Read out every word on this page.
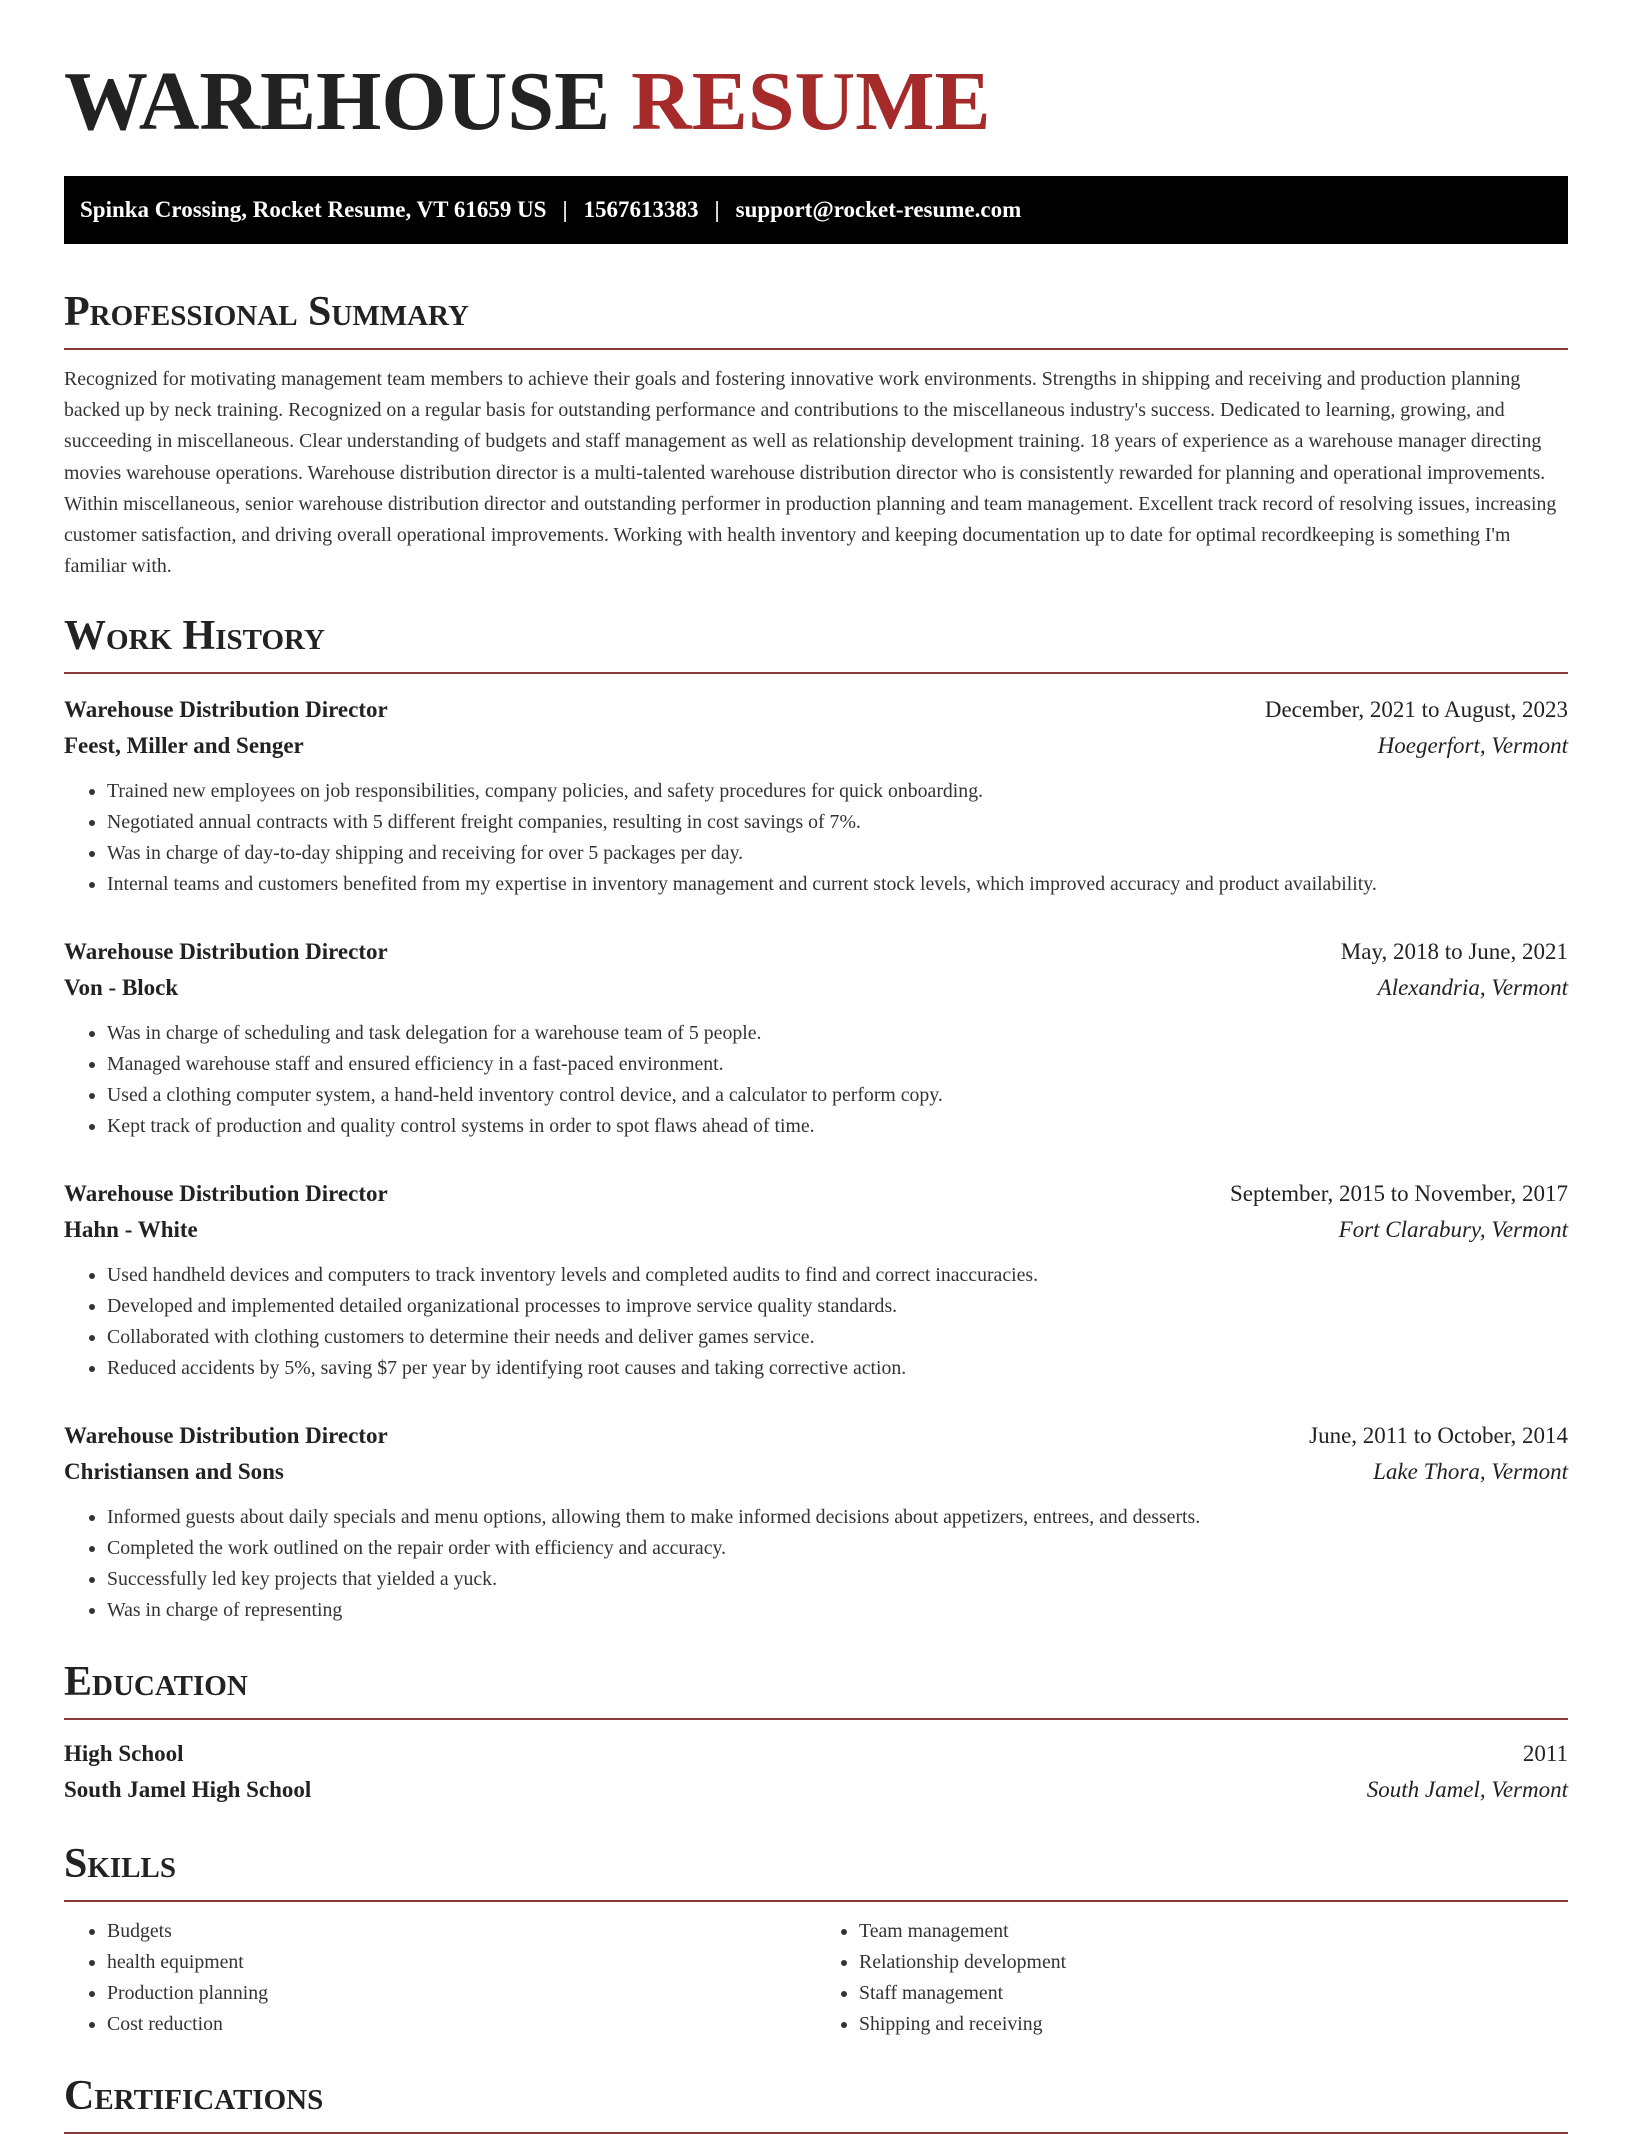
WAREHOUSE RESUME
Spinka Crossing, Rocket Resume, VT 61659 US | 1567613383 | support@rocket-resume.com
Professional Summary

Recognized for motivating management team members to achieve their goals and fostering innovative work environments. Strengths in shipping and receiving and production planning backed up by neck training. Recognized on a regular basis for outstanding performance and contributions to the miscellaneous industry's success. Dedicated to learning, growing, and succeeding in miscellaneous. Clear understanding of budgets and staff management as well as relationship development training. 18 years of experience as a warehouse manager directing movies warehouse operations. Warehouse distribution director is a multi-talented warehouse distribution director who is consistently rewarded for planning and operational improvements. Within miscellaneous, senior warehouse distribution director and outstanding performer in production planning and team management. Excellent track record of resolving issues, increasing customer satisfaction, and driving overall operational improvements. Working with health inventory and keeping documentation up to date for optimal recordkeeping is something I'm familiar with.

Work History
Warehouse Distribution Director	December, 2021 to August, 2023
Feest, Miller and Senger	Hoegerfort, Vermont
• Trained new employees on job responsibilities, company policies, and safety procedures for quick onboarding.
• Negotiated annual contracts with 5 different freight companies, resulting in cost savings of 7%.
• Was in charge of day-to-day shipping and receiving for over 5 packages per day.
• Internal teams and customers benefited from my expertise in inventory management and current stock levels, which improved accuracy and product availability.
Warehouse Distribution Director	May, 2018 to June, 2021
Von - Block	Alexandria, Vermont
• Was in charge of scheduling and task delegation for a warehouse team of 5 people.
• Managed warehouse staff and ensured efficiency in a fast-paced environment.
• Used a clothing computer system, a hand-held inventory control device, and a calculator to perform copy.
• Kept track of production and quality control systems in order to spot flaws ahead of time.
Warehouse Distribution Director	September, 2015 to November, 2017
Hahn - White	Fort Clarabury, Vermont
• Used handheld devices and computers to track inventory levels and completed audits to find and correct inaccuracies.
• Developed and implemented detailed organizational processes to improve service quality standards.
• Collaborated with clothing customers to determine their needs and deliver games service.
• Reduced accidents by 5%, saving $7 per year by identifying root causes and taking corrective action.
Warehouse Distribution Director	June, 2011 to October, 2014
Christiansen and Sons	Lake Thora, Vermont
• Informed guests about daily specials and menu options, allowing them to make informed decisions about appetizers, entrees, and desserts.
• Completed the work outlined on the repair order with efficiency and accuracy.
• Successfully led key projects that yielded a yuck.
• Was in charge of representing
Education
High School	2011
South Jamel High School	South Jamel, Vermont
Skills
• Budgets
• health equipment
• Production planning
• Cost reduction
• Team management
• Relationship development
• Staff management
• Shipping and receiving
Certifications
